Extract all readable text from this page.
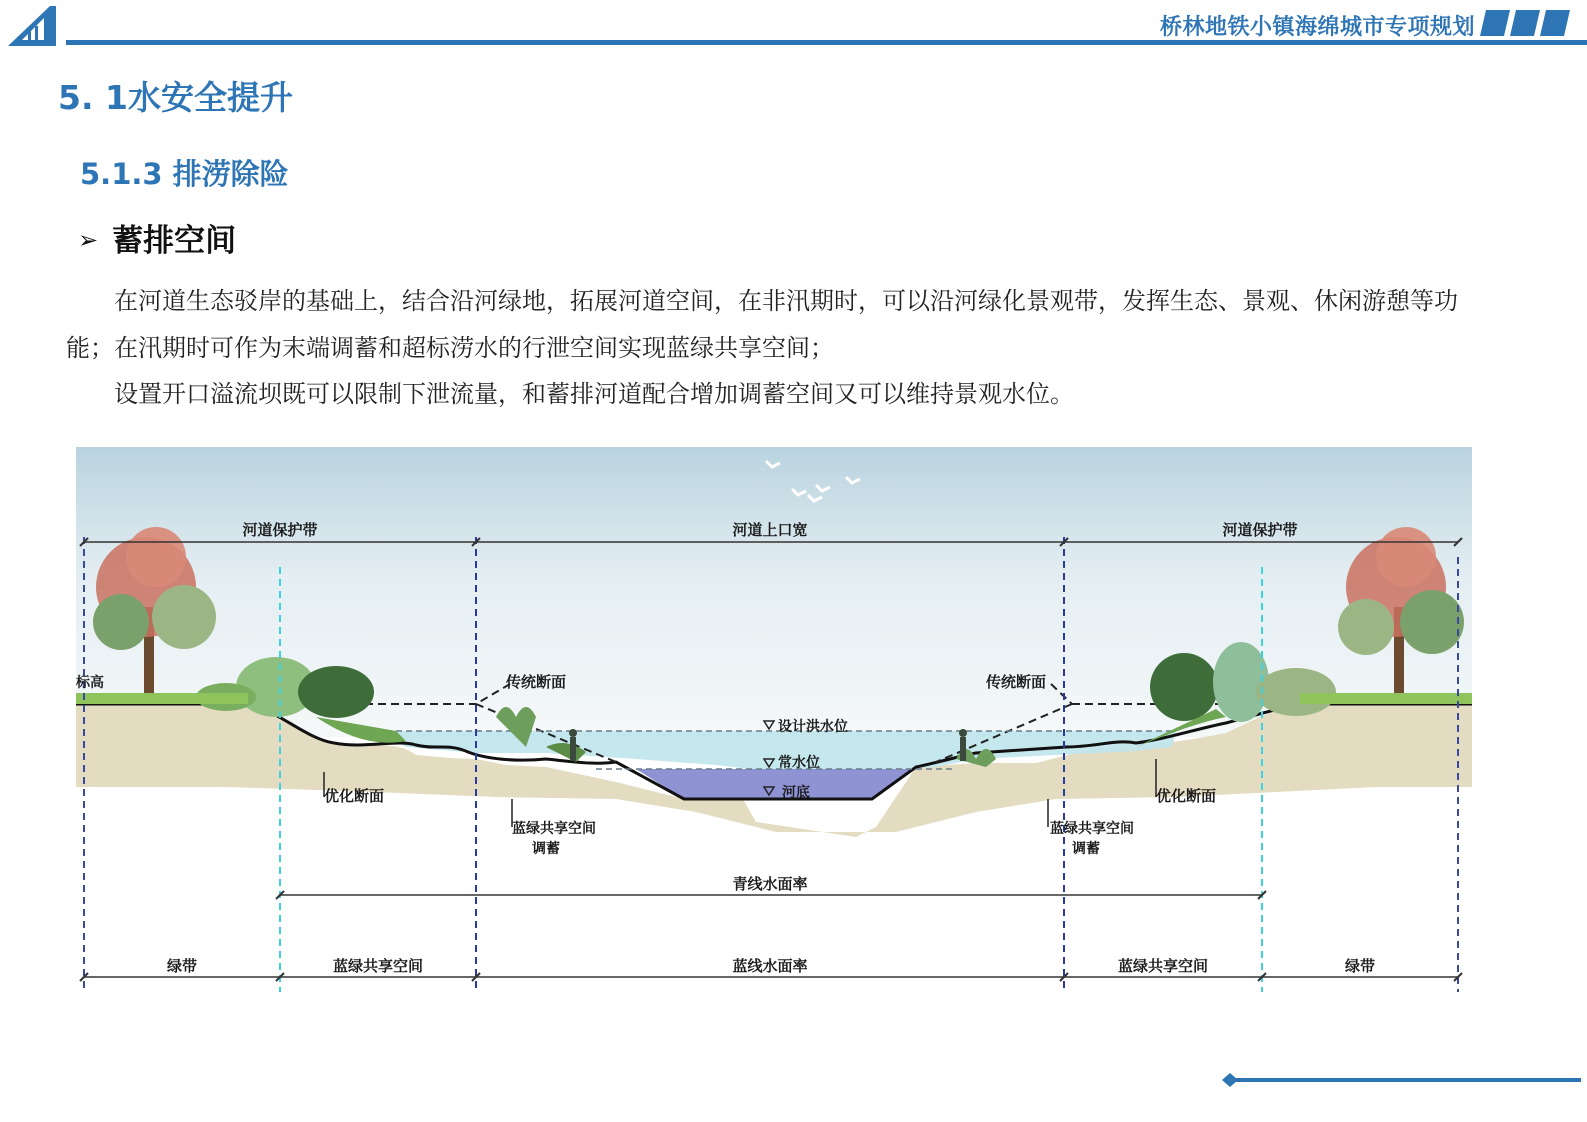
桥林地铁小镇海绵城市专项规划
5. 1水安全提升
5.1.3 排涝除险
➢ 蓄排空间
在河道生态驳岸的基础上，结合沿河绿地，拓展河道空间，在非汛期时，可以沿河绿化景观带，发挥生态、景观、休闲游憩等功能；在汛期时可作为末端调蓄和超标涝水的行泄空间实现蓝绿共享空间；
设置开口溢流坝既可以限制下泄流量，和蓄排河道配合增加调蓄空间又可以维持景观水位。
河道保护带	河道上口宽	河道保护带
标高	传统断面	传统断面
设计洪水位
常水位
河底
优化断面	优化断面
蓝绿共享空间
调蓄
蓝绿共享空间
调蓄
青线水面率
绿带	蓝绿共享空间	蓝线水面率	蓝绿共享空间	绿带
